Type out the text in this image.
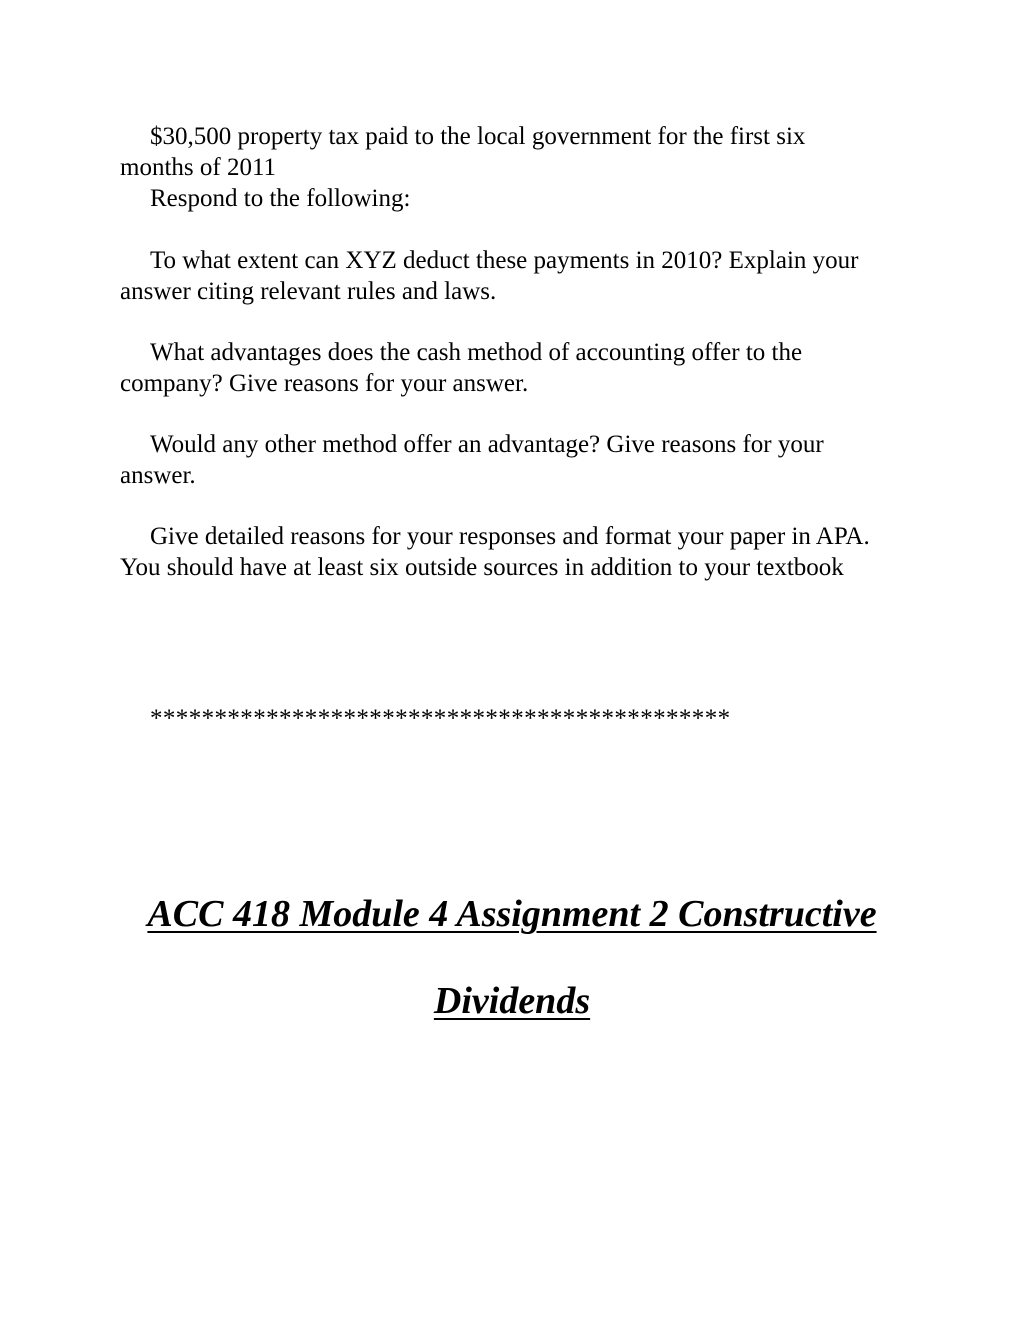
$30,500 property tax paid to the local government for the first six months of 2011

Respond to the following:

To what extent can XYZ deduct these payments in 2010? Explain your answer citing relevant rules and laws.

What advantages does the cash method of accounting offer to the company? Give reasons for your answer.

Would any other method offer an advantage? Give reasons for your answer.

Give detailed reasons for your responses and format your paper in APA. You should have at least six outside sources in addition to your textbook

*********************************************

ACC 418 Module 4 Assignment 2 Constructive

Dividends
